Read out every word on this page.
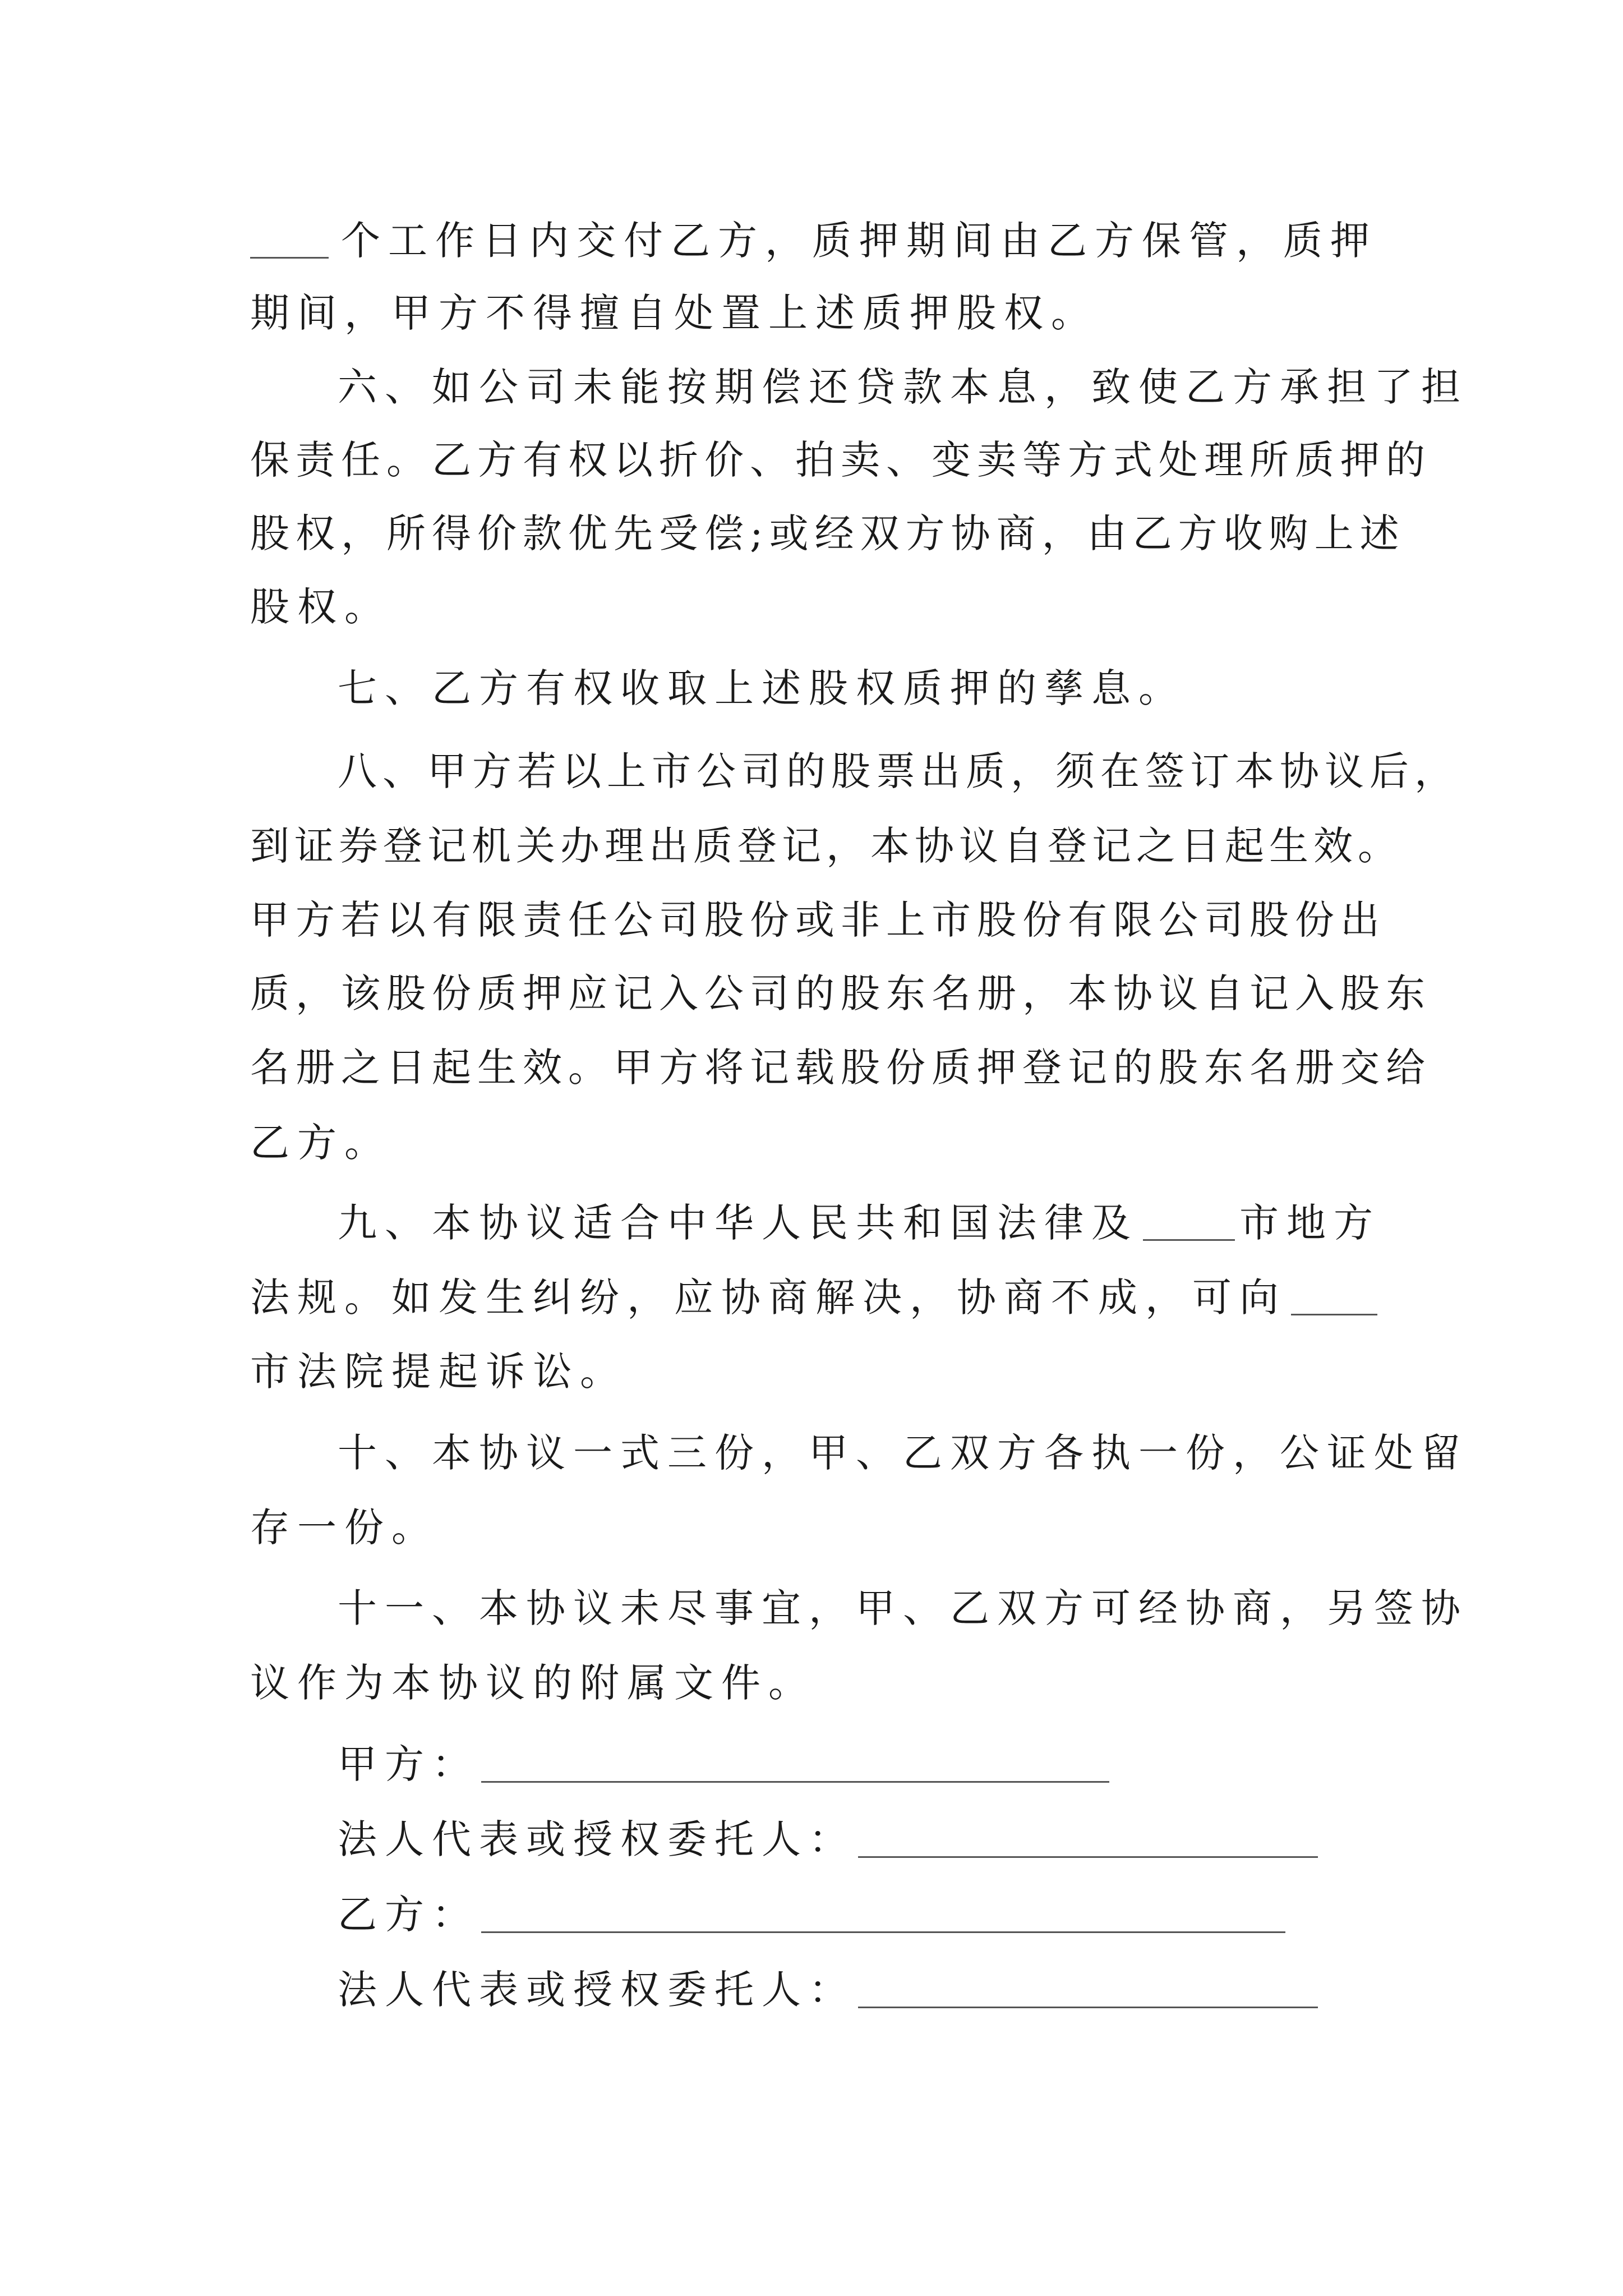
个工作日内交付乙方，质押期间由乙方保管，质押
期间，甲方不得擅自处置上述质押股权。
六、如公司未能按期偿还贷款本息，致使乙方承担了担
保责任。乙方有权以折价、拍卖、变卖等方式处理所质押的
股权，所得价款优先受偿;或经双方协商，由乙方收购上述
股权。
七、乙方有权收取上述股权质押的孳息。
八、甲方若以上市公司的股票出质，须在签订本协议后，
到证券登记机关办理出质登记，本协议自登记之日起生效。
甲方若以有限责任公司股份或非上市股份有限公司股份出
质，该股份质押应记入公司的股东名册，本协议自记入股东
名册之日起生效。甲方将记载股份质押登记的股东名册交给
乙方。
九、本协议适合中华人民共和国法律及	市地方
法规。如发生纠纷，应协商解决，协商不成，可向
市法院提起诉讼。
十、本协议一式三份，甲、乙双方各执一份，公证处留
存一份。
十一、本协议未尽事宜，甲、乙双方可经协商，另签协
议作为本协议的附属文件。
甲方：
法人代表或授权委托人：
乙方：
法人代表或授权委托人：
